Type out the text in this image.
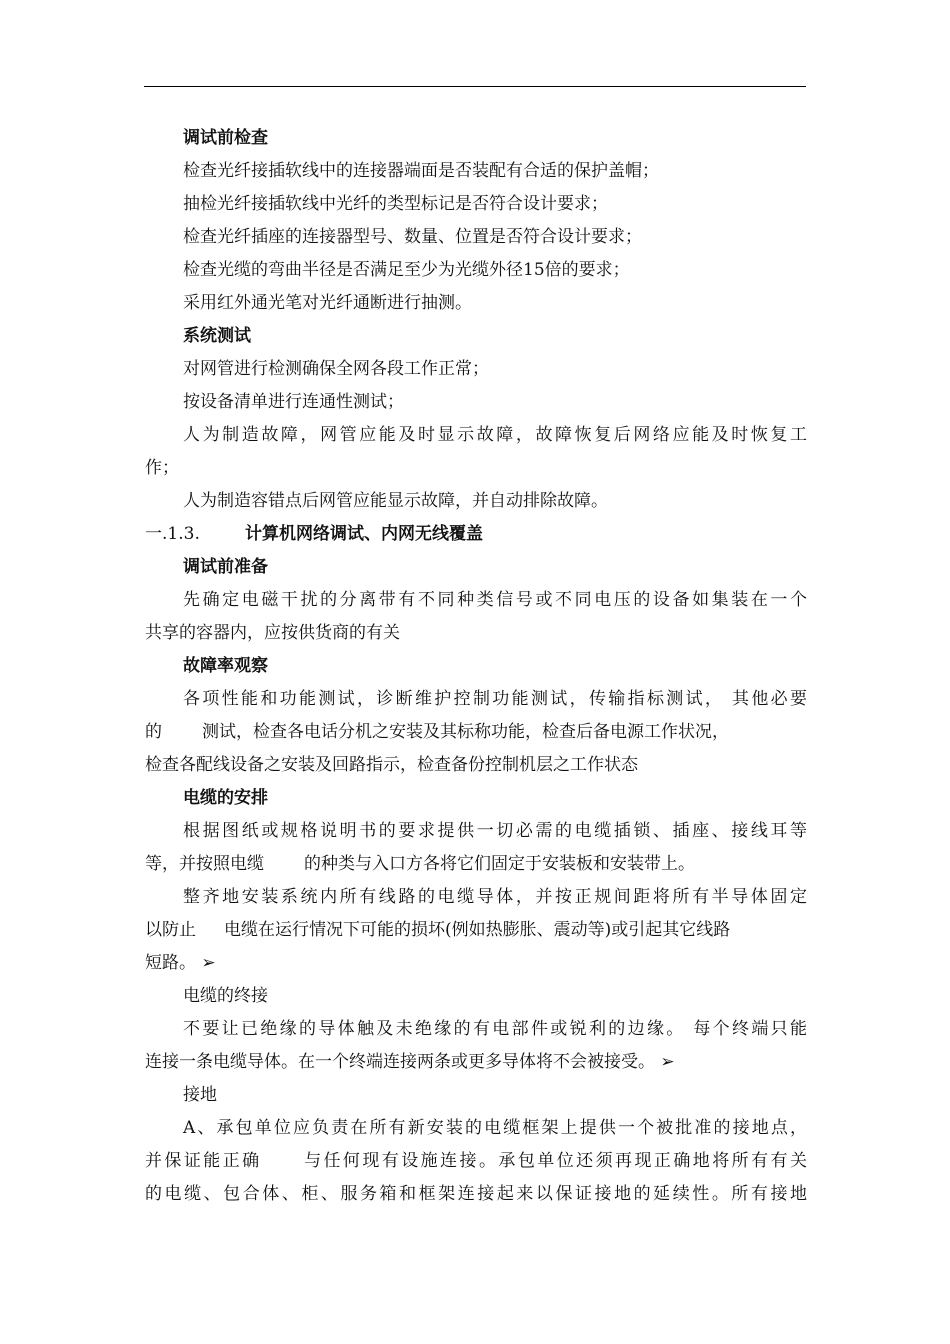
调试前检查
检查光纤接插软线中的连接器端面是否装配有合适的保护盖帽；
抽检光纤接插软线中光纤的类型标记是否符合设计要求；
检查光纤插座的连接器型号、数量、位置是否符合设计要求；
检查光缆的弯曲半径是否满足至少为光缆外径15倍的要求；
采用红外通光笔对光纤通断进行抽测。
系统测试
对网管进行检测确保全网各段工作正常；
按设备清单进行连通性测试；
人为制造故障，网管应能及时显示故障，故障恢复后网络应能及时恢复工
作；
人为制造容错点后网管应能显示故障，并自动排除故障。
一.1.3.	计算机网络调试、内网无线覆盖
调试前准备
先确定电磁干扰的分离带有不同种类信号或不同电压的设备如集装在一个
共享的容器内，应按供货商的有关
故障率观察
各项性能和功能测试，诊断维护控制功能测试，传输指标测试， 其他必要
的 测试，检查各电话分机之安装及其标称功能，检查后备电源工作状况，
检查各配线设备之安装及回路指示，检查备份控制机层之工作状态
电缆的安排
根据图纸或规格说明书的要求提供一切必需的电缆插锁、插座、接线耳等
等，并按照电缆 的种类与入口方各将它们固定于安装板和安装带上。
整齐地安装系统内所有线路的电缆导体，并按正规间距将所有半导体固定
以防止 电缆在运行情况下可能的损坏(例如热膨胀、震动等)或引起其它线路
短路。 ➢
电缆的终接
不要让已绝缘的导体触及未绝缘的有电部件或锐利的边缘。 每个终端只能
连接一条电缆导体。在一个终端连接两条或更多导体将不会被接受。 ➢
接地
A、承包单位应负责在所有新安装的电缆框架上提供一个被批准的接地点，
并保证能正确 与任何现有设施连接。承包单位还须再现正确地将所有有关
的电缆、包合体、柜、服务箱和框架连接起来以保证接地的延续性。所有接地
